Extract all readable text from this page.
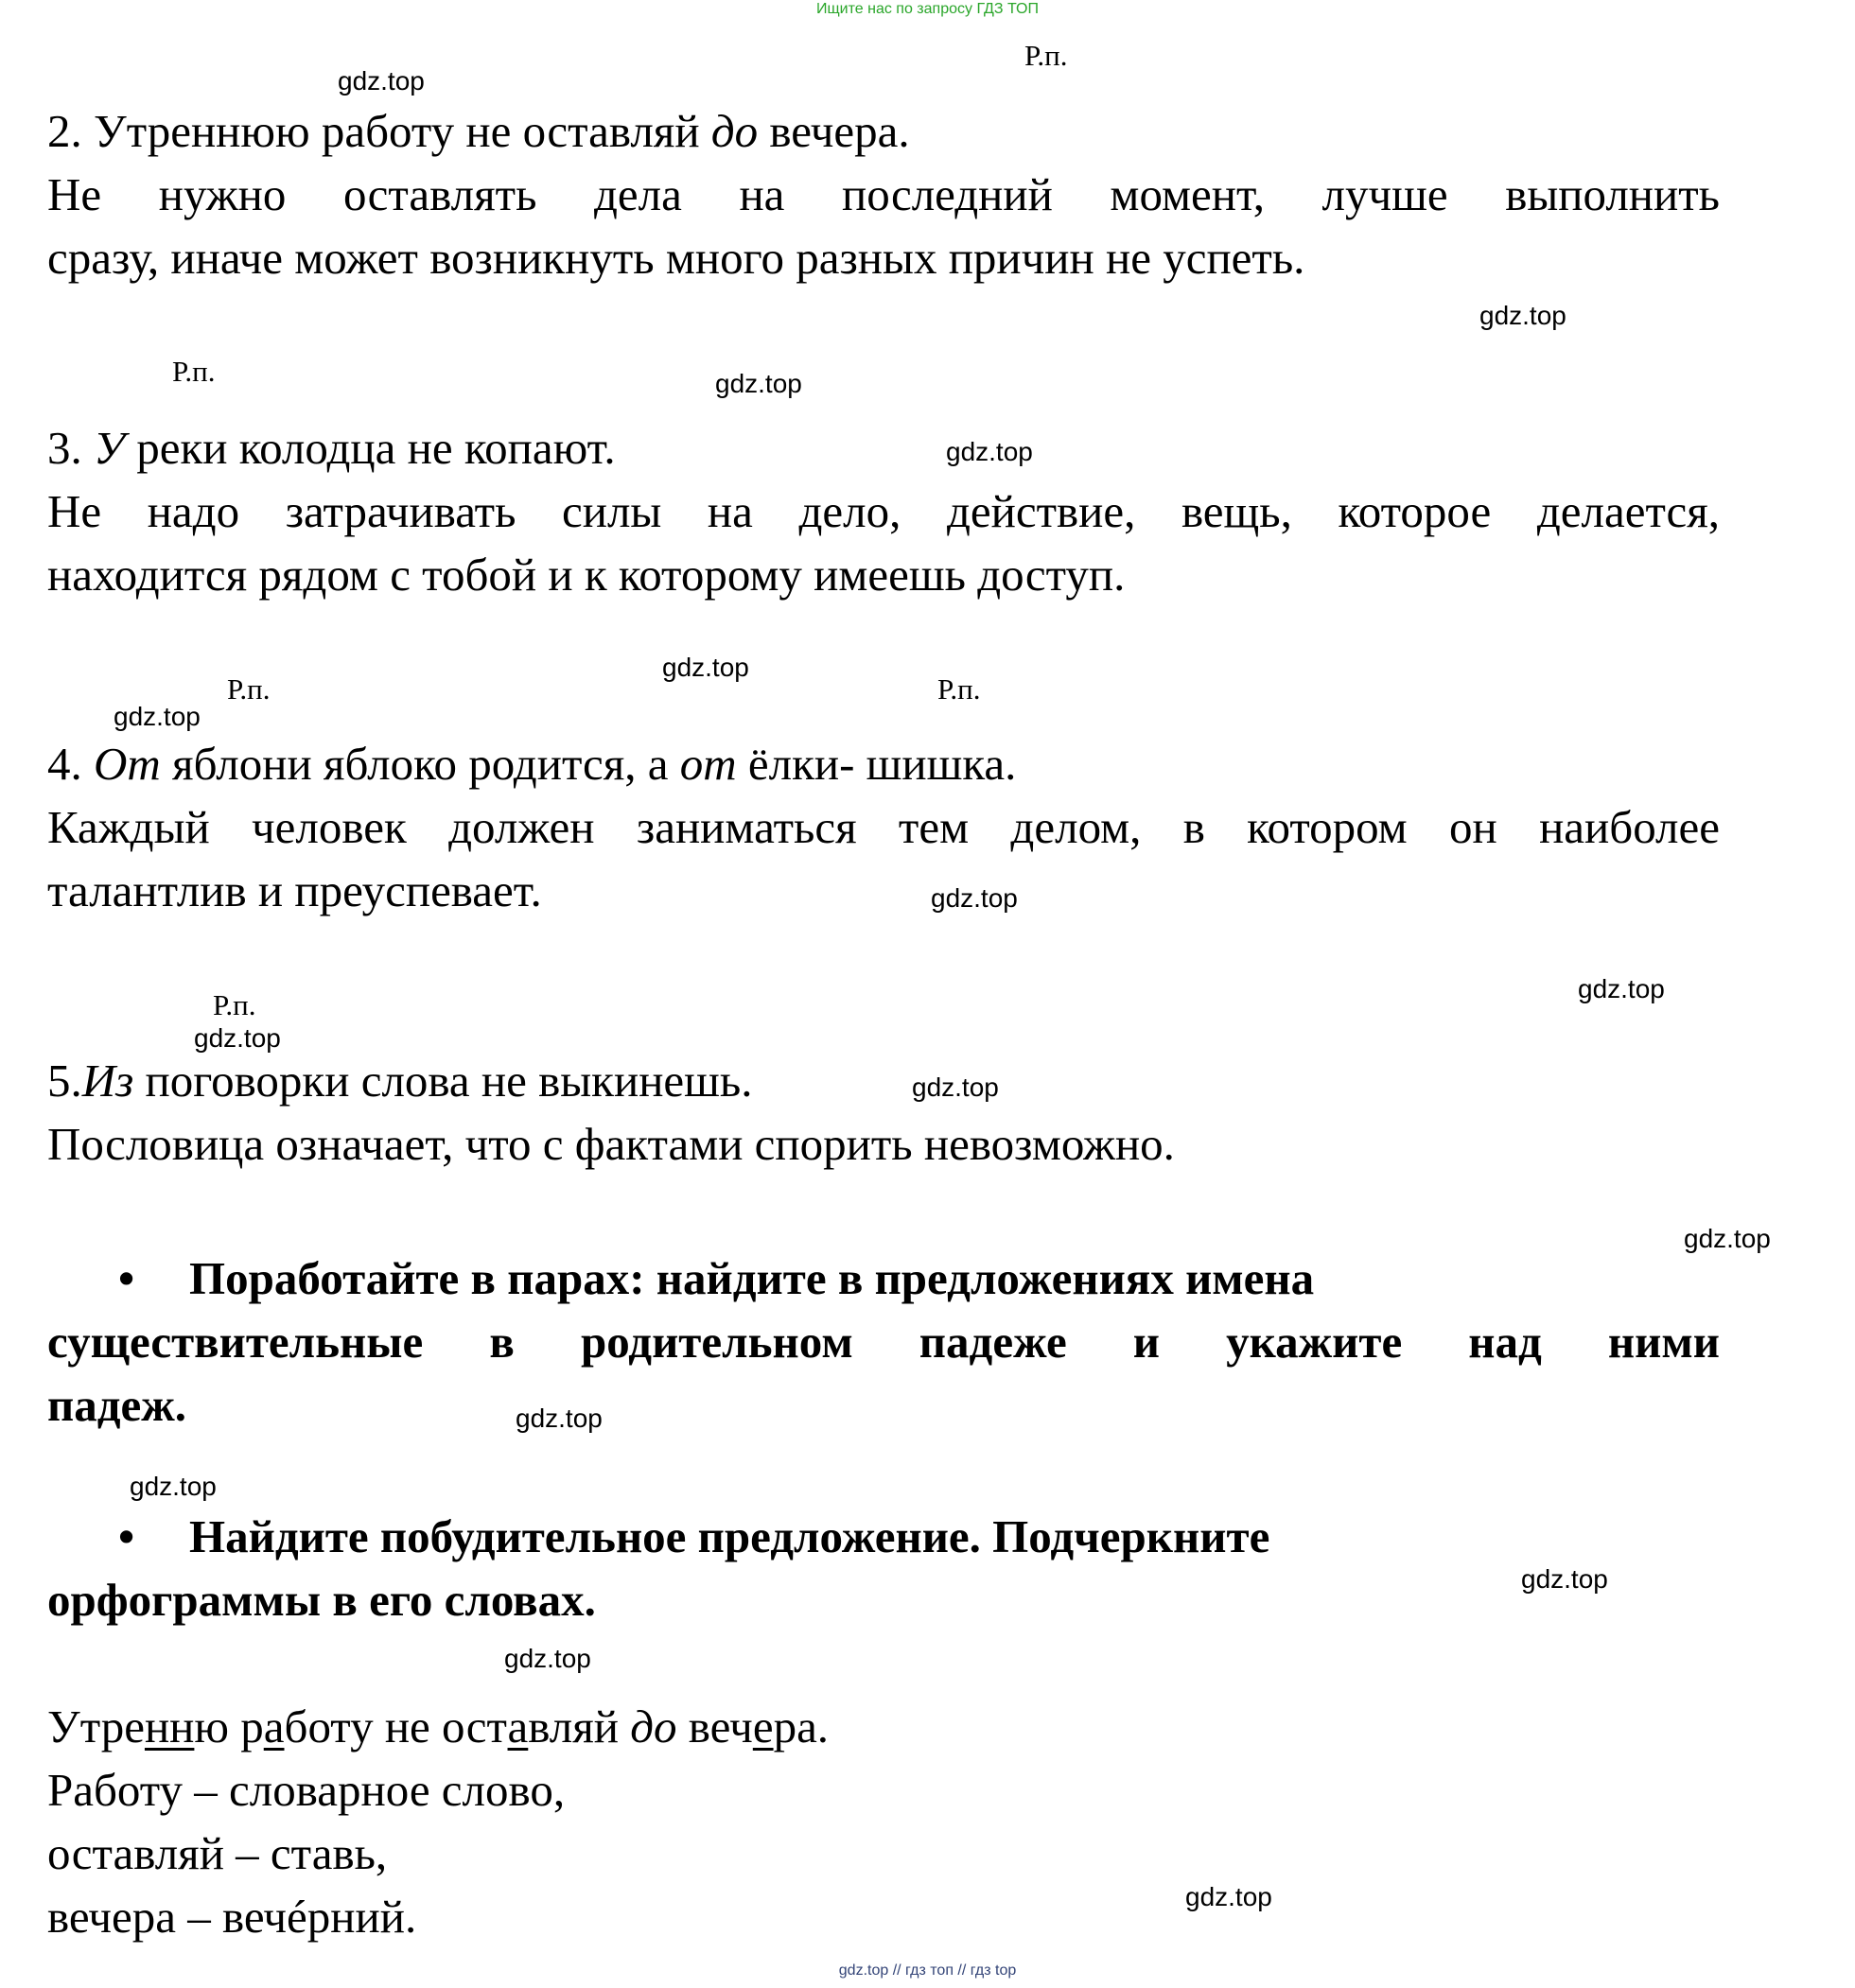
Ищите нас по запросу ГДЗ ТОП
Р.п.
Р.п.
Р.п.	Р.п.
Р.п.
gdz.top
gdz.top
gdz.top
gdz.top
gdz.top
gdz.top
gdz.top
gdz.top
gdz.top
gdz.top
gdz.top
gdz.top
gdz.top
gdz.top
gdz.top
gdz.top
2. Утреннюю работу не оставляй до вечера.
Не нужно оставлять дела на последний момент, лучше выполнить
сразу, иначе может возникнуть много разных причин не успеть.
3. У реки колодца не копают.
Не надо затрачивать силы на дело, действие, вещь, которое делается,
находится рядом с тобой и к которому имеешь доступ.
4. От яблони яблоко родится, а от ёлки- шишка.
Каждый человек должен заниматься тем делом, в котором он наиболее
талантлив и преуспевает.
5.Из поговорки слова не выкинешь.
Пословица означает, что с фактами спорить невозможно.
• Поработайте в парах: найдите в предложениях имена
существительные в родительном падеже и укажите над ними
падеж.
• Найдите побудительное предложение. Подчеркните
орфограммы в его словах.
Утренню работу не оставляй до вечера.
Работу – словарное слово,
оставляй – ставь,
вечера – вечéрний.
gdz.top // гдз топ // гдз top
